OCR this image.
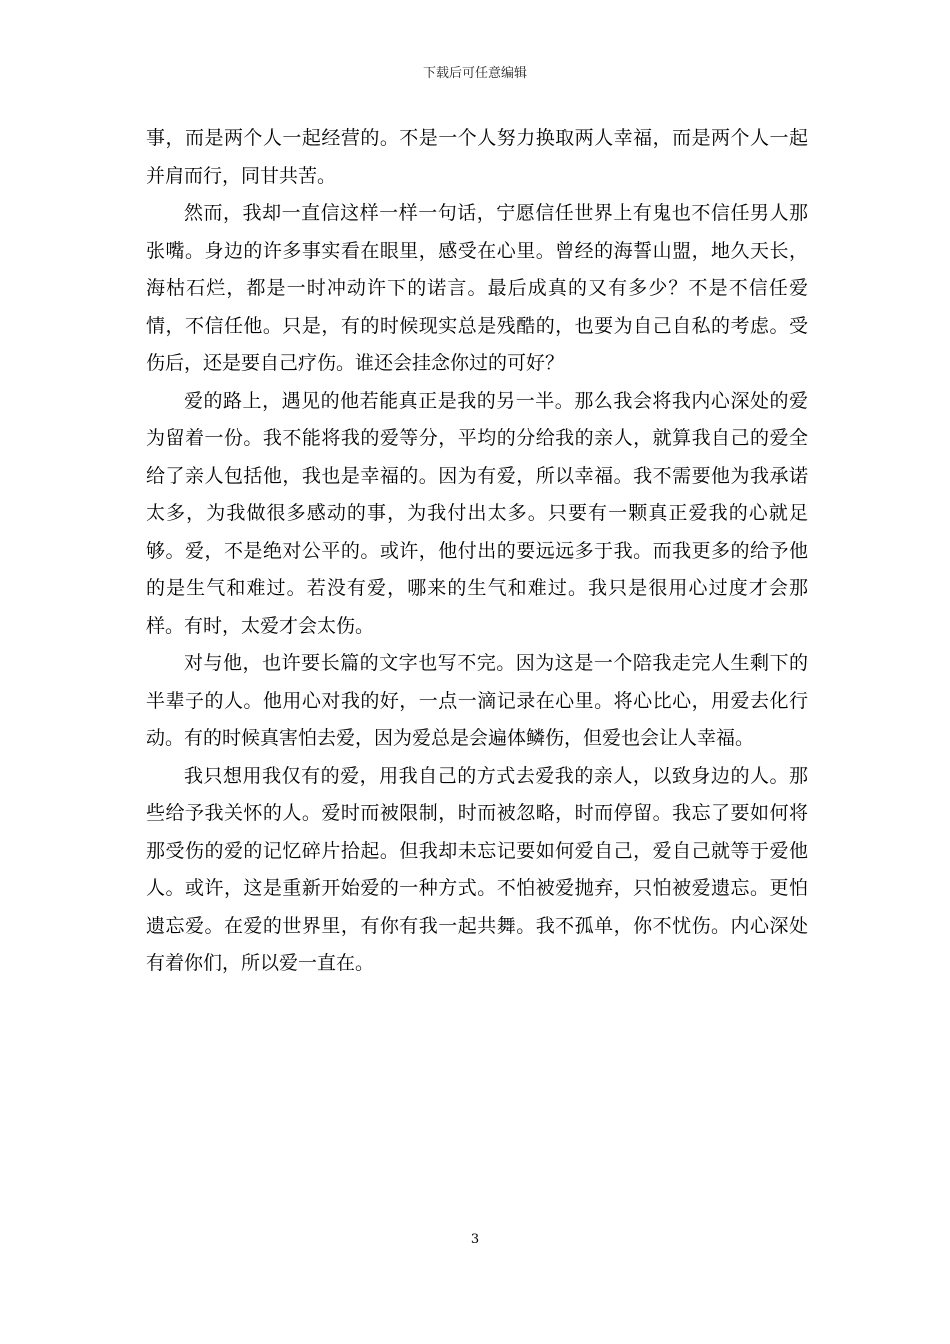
下载后可任意编辑

事，而是两个人一起经营的。不是一个人努力换取两人幸福，而是两个人一起并肩而行，同甘共苦。

然而，我却一直信这样一样一句话，宁愿信任世界上有鬼也不信任男人那张嘴。身边的许多事实看在眼里，感受在心里。曾经的海誓山盟，地久天长，海枯石烂，都是一时冲动许下的诺言。最后成真的又有多少？不是不信任爱情，不信任他。只是，有的时候现实总是残酷的，也要为自己自私的考虑。受伤后，还是要自己疗伤。谁还会挂念你过的可好？

爱的路上，遇见的他若能真正是我的另一半。那么我会将我内心深处的爱为留着一份。我不能将我的爱等分，平均的分给我的亲人，就算我自己的爱全给了亲人包括他，我也是幸福的。因为有爱，所以幸福。我不需要他为我承诺太多，为我做很多感动的事，为我付出太多。只要有一颗真正爱我的心就足够。爱，不是绝对公平的。或许，他付出的要远远多于我。而我更多的给予他的是生气和难过。若没有爱，哪来的生气和难过。我只是很用心过度才会那样。有时，太爱才会太伤。

对与他，也许要长篇的文字也写不完。因为这是一个陪我走完人生剩下的半辈子的人。他用心对我的好，一点一滴记录在心里。将心比心，用爱去化行动。有的时候真害怕去爱，因为爱总是会遍体鳞伤，但爱也会让人幸福。

我只想用我仅有的爱，用我自己的方式去爱我的亲人，以致身边的人。那些给予我关怀的人。爱时而被限制，时而被忽略，时而停留。我忘了要如何将那受伤的爱的记忆碎片拾起。但我却未忘记要如何爱自己，爱自己就等于爱他人。或许，这是重新开始爱的一种方式。不怕被爱抛弃，只怕被爱遗忘。更怕遗忘爱。在爱的世界里，有你有我一起共舞。我不孤单，你不忧伤。内心深处有着你们，所以爱一直在。

3
